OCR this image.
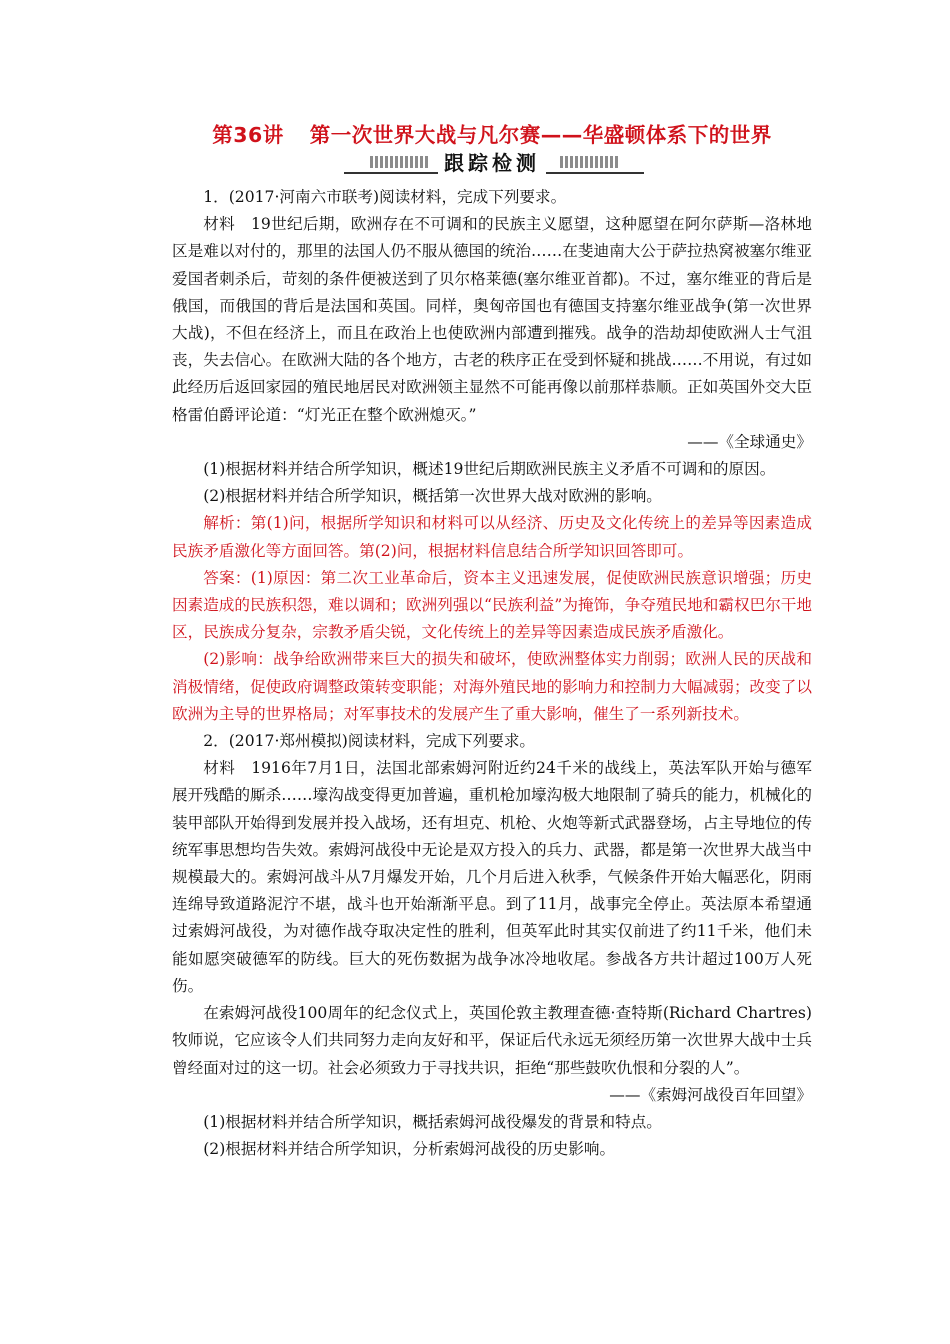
第36讲 第一次世界大战与凡尔赛——华盛顿体系下的世界
跟踪检测

1．(2017·河南六市联考)阅读材料，完成下列要求。

材料　19世纪后期，欧洲存在不可调和的民族主义愿望，这种愿望在阿尔萨斯—洛林地区是难以对付的，那里的法国人仍不服从德国的统治……在斐迪南大公于萨拉热窝被塞尔维亚爱国者刺杀后，苛刻的条件便被送到了贝尔格莱德(塞尔维亚首都)。不过，塞尔维亚的背后是俄国，而俄国的背后是法国和英国。同样，奥匈帝国也有德国支持塞尔维亚战争(第一次世界大战)，不但在经济上，而且在政治上也使欧洲内部遭到摧残。战争的浩劫却使欧洲人士气沮丧，失去信心。在欧洲大陆的各个地方，古老的秩序正在受到怀疑和挑战……不用说，有过如此经历后返回家园的殖民地居民对欧洲领主显然不可能再像以前那样恭顺。正如英国外交大臣格雷伯爵评论道：“灯光正在整个欧洲熄灭。”

——《全球通史》

(1)根据材料并结合所学知识，概述19世纪后期欧洲民族主义矛盾不可调和的原因。

(2)根据材料并结合所学知识，概括第一次世界大战对欧洲的影响。

解析：第(1)问，根据所学知识和材料可以从经济、历史及文化传统上的差异等因素造成民族矛盾激化等方面回答。第(2)问，根据材料信息结合所学知识回答即可。

答案：(1)原因：第二次工业革命后，资本主义迅速发展，促使欧洲民族意识增强；历史因素造成的民族积怨，难以调和；欧洲列强以“民族利益”为掩饰，争夺殖民地和霸权巴尔干地区，民族成分复杂，宗教矛盾尖锐，文化传统上的差异等因素造成民族矛盾激化。

(2)影响：战争给欧洲带来巨大的损失和破坏，使欧洲整体实力削弱；欧洲人民的厌战和消极情绪，促使政府调整政策转变职能；对海外殖民地的影响力和控制力大幅减弱；改变了以欧洲为主导的世界格局；对军事技术的发展产生了重大影响，催生了一系列新技术。

2．(2017·郑州模拟)阅读材料，完成下列要求。

材料　1916年7月1日，法国北部索姆河附近约24千米的战线上，英法军队开始与德军展开残酷的厮杀……壕沟战变得更加普遍，重机枪加壕沟极大地限制了骑兵的能力，机械化的装甲部队开始得到发展并投入战场，还有坦克、机枪、火炮等新式武器登场，占主导地位的传统军事思想均告失效。索姆河战役中无论是双方投入的兵力、武器，都是第一次世界大战当中规模最大的。索姆河战斗从7月爆发开始，几个月后进入秋季，气候条件开始大幅恶化，阴雨连绵导致道路泥泞不堪，战斗也开始渐渐平息。到了11月，战事完全停止。英法原本希望通过索姆河战役，为对德作战夺取决定性的胜利，但英军此时其实仅前进了约11千米，他们未能如愿突破德军的防线。巨大的死伤数据为战争冰冷地收尾。参战各方共计超过100万人死伤。

在索姆河战役100周年的纪念仪式上，英国伦敦主教理查德·查特斯(Richard Chartres)牧师说，它应该令人们共同努力走向友好和平，保证后代永远无须经历第一次世界大战中士兵曾经面对过的这一切。社会必须致力于寻找共识，拒绝“那些鼓吹仇恨和分裂的人”。

——《索姆河战役百年回望》

(1)根据材料并结合所学知识，概括索姆河战役爆发的背景和特点。

(2)根据材料并结合所学知识，分析索姆河战役的历史影响。
